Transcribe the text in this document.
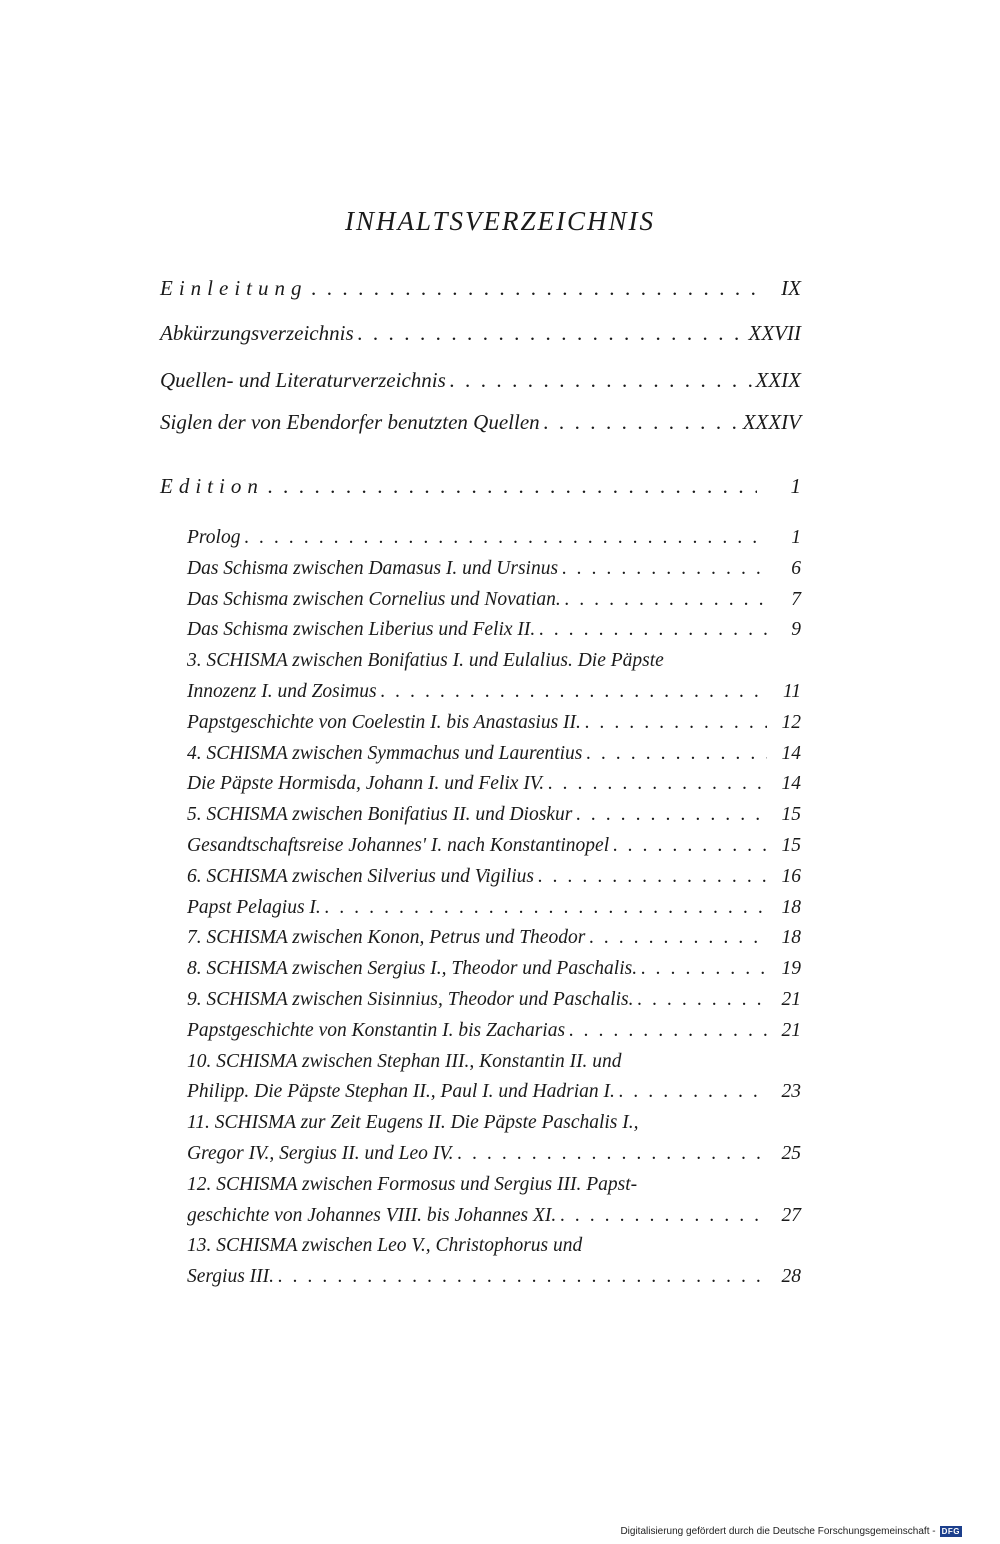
INHALTSVERZEICHNIS
Einleitung . . .	IX
Abkürzungsverzeichnis . . .	XXVII
Quellen- und Literaturverzeichnis . . .	XXIX
Siglen der von Ebendorfer benutzten Quellen . . .	XXXIV
Edition . . .	1
Prolog . . .	1
Das Schisma zwischen Damasus I. und Ursinus . . .	6
Das Schisma zwischen Cornelius und Novatian. . . .	7
Das Schisma zwischen Liberius und Felix II. . . .	9
3. SCHISMA zwischen Bonifatius I. und Eulalius. Die Päpste
Innozenz I. und Zosimus . . .	11
Papstgeschichte von Coelestin I. bis Anastasius II. . . .	12
4. SCHISMA zwischen Symmachus und Laurentius . . .	14
Die Päpste Hormisda, Johann I. und Felix IV. . . .	14
5. SCHISMA zwischen Bonifatius II. und Dioskur . . .	15
Gesandtschaftsreise Johannes' I. nach Konstantinopel . . .	15
6. SCHISMA zwischen Silverius und Vigilius . . .	16
Papst Pelagius I. . . .	18
7. SCHISMA zwischen Konon, Petrus und Theodor . . .	18
8. SCHISMA zwischen Sergius I., Theodor und Paschalis. . . .	19
9. SCHISMA zwischen Sisinnius, Theodor und Paschalis. . . .	21
Papstgeschichte von Konstantin I. bis Zacharias . . .	21
10. SCHISMA zwischen Stephan III., Konstantin II. und
Philipp. Die Päpste Stephan II., Paul I. und Hadrian I. . . .	23
11. SCHISMA zur Zeit Eugens II. Die Päpste Paschalis I.,
Gregor IV., Sergius II. und Leo IV. . . .	25
12. SCHISMA zwischen Formosus und Sergius III. Papst-
geschichte von Johannes VIII. bis Johannes XI. . . .	27
13. SCHISMA zwischen Leo V., Christophorus und
Sergius III. . . .	28
Digitalisierung gefördert durch die Deutsche Forschungsgemeinschaft - DFG
